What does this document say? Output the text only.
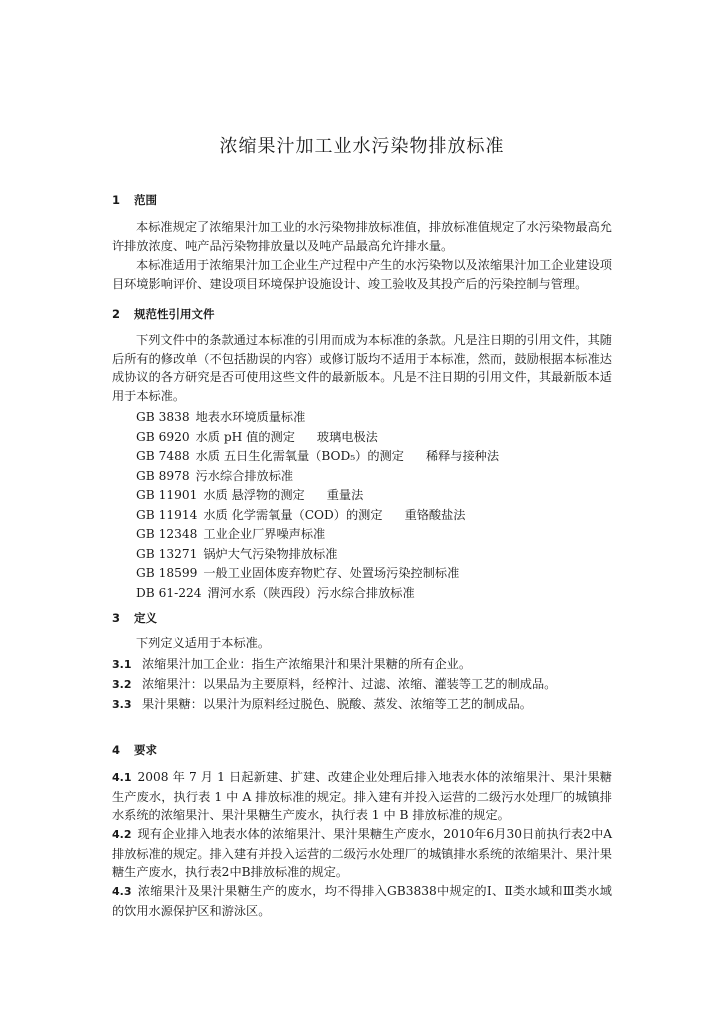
浓缩果汁加工业水污染物排放标准
1 范围

本标准规定了浓缩果汁加工业的水污染物排放标准值，排放标准值规定了水污染物最高允许排放浓度、吨产品污染物排放量以及吨产品最高允许排水量。

本标准适用于浓缩果汁加工企业生产过程中产生的水污染物以及浓缩果汁加工企业建设项目环境影响评价、建设项目环境保护设施设计、竣工验收及其投产后的污染控制与管理。

2 规范性引用文件

下列文件中的条款通过本标准的引用而成为本标准的条款。凡是注日期的引用文件，其随后所有的修改单（不包括勘误的内容）或修订版均不适用于本标准，然而，鼓励根据本标准达成协议的各方研究是否可使用这些文件的最新版本。凡是不注日期的引用文件，其最新版本适用于本标准。

GB 3838 地表水环境质量标准
GB 6920 水质 pH 值的测定 玻璃电极法
GB 7488 水质 五日生化需氧量（BOD₅）的测定 稀释与接种法
GB 8978 污水综合排放标准
GB 11901 水质 悬浮物的测定 重量法
GB 11914 水质 化学需氧量（COD）的测定 重铬酸盐法
GB 12348 工业企业厂界噪声标准
GB 13271 锅炉大气污染物排放标准
GB 18599 一般工业固体废弃物贮存、处置场污染控制标准
DB 61-224 渭河水系（陕西段）污水综合排放标准
3 定义

下列定义适用于本标准。

3.1 浓缩果汁加工企业：指生产浓缩果汁和果汁果糖的所有企业。
3.2 浓缩果汁：以果品为主要原料，经榨汁、过滤、浓缩、灌装等工艺的制成品。
3.3 果汁果糖：以果汁为原料经过脱色、脱酸、蒸发、浓缩等工艺的制成品。
4 要求

4.1 2008 年 7 月 1 日起新建、扩建、改建企业处理后排入地表水体的浓缩果汁、果汁果糖生产废水，执行表 1 中 A 排放标准的规定。排入建有并投入运营的二级污水处理厂的城镇排水系统的浓缩果汁、果汁果糖生产废水，执行表 1 中 B 排放标准的规定。

4.2 现有企业排入地表水体的浓缩果汁、果汁果糖生产废水，2010年6月30日前执行表2中A排放标准的规定。排入建有并投入运营的二级污水处理厂的城镇排水系统的浓缩果汁、果汁果糖生产废水，执行表2中B排放标准的规定。

4.3 浓缩果汁及果汁果糖生产的废水，均不得排入GB3838中规定的Ⅰ、Ⅱ类水域和Ⅲ类水域的饮用水源保护区和游泳区。
